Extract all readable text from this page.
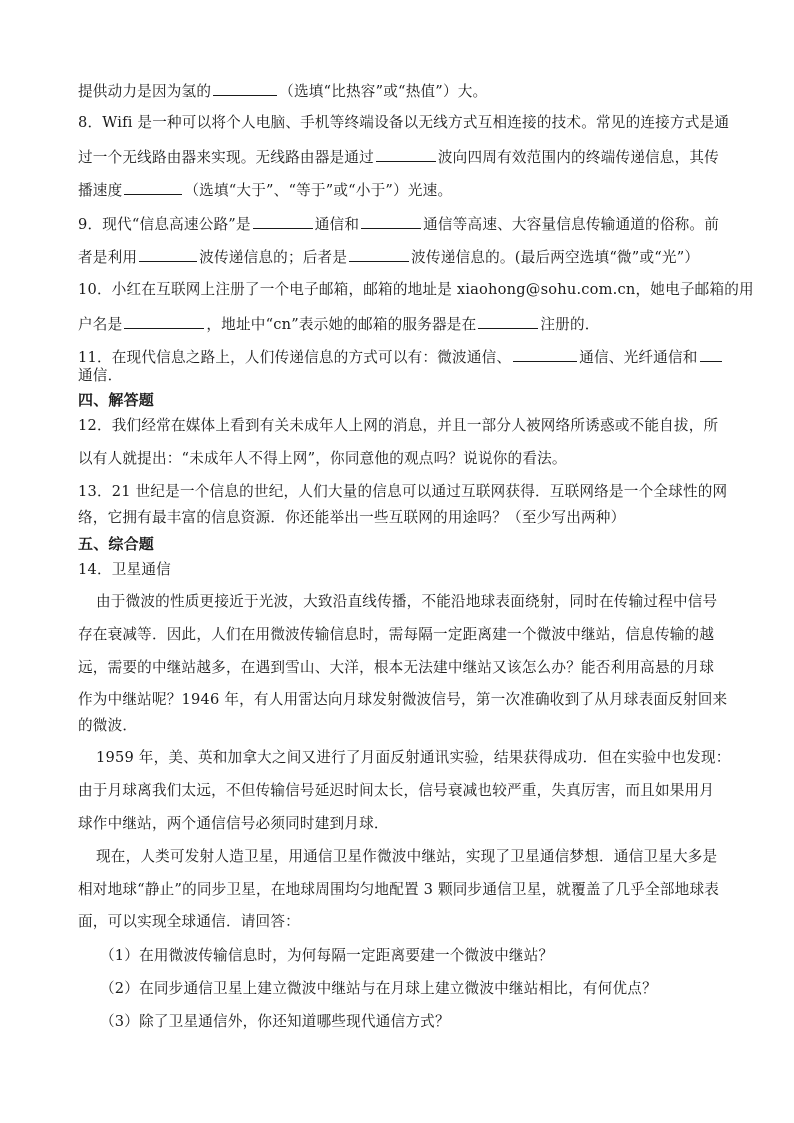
提供动力是因为氢的	（选填“比热容”或“热值”）大。
8．Wifi 是一种可以将个人电脑、手机等终端设备以无线方式互相连接的技术。常见的连接方式是通
过一个无线路由器来实现。无线路由器是通过	波向四周有效范围内的终端传递信息，其传
播速度	（选填“大于”、“等于”或“小于”）光速。
9．现代“信息高速公路”是	通信和	通信等高速、大容量信息传输通道的俗称。前
者是利用	波传递信息的；后者是	波传递信息的。(最后两空选填“微”或“光”）
10．小红在互联网上注册了一个电子邮箱，邮箱的地址是 xiaohong@sohu.com.cn，她电子邮箱的用
户名是	，地址中“cn”表示她的邮箱的服务器是在	注册的．
11．在现代信息之路上，人们传递信息的方式可以有：微波通信、	通信、光纤通信和
通信．
四、解答题
12．我们经常在媒体上看到有关未成年人上网的消息，并且一部分人被网络所诱惑或不能自拔，所
以有人就提出：“未成年人不得上网”，你同意他的观点吗？说说你的看法。
13．21 世纪是一个信息的世纪，人们大量的信息可以通过互联网获得．互联网络是一个全球性的网
络，它拥有最丰富的信息资源．你还能举出一些互联网的用途吗？（至少写出两种）
五、综合题
14．卫星通信
由于微波的性质更接近于光波，大致沿直线传播，不能沿地球表面绕射，同时在传输过程中信号
存在衰减等．因此，人们在用微波传输信息时，需每隔一定距离建一个微波中继站，信息传输的越
远，需要的中继站越多，在遇到雪山、大洋，根本无法建中继站又该怎么办？能否利用高悬的月球
作为中继站呢？1946 年，有人用雷达向月球发射微波信号，第一次准确收到了从月球表面反射回来
的微波．
1959 年，美、英和加拿大之间又进行了月面反射通讯实验，结果获得成功．但在实验中也发现：
由于月球离我们太远，不但传输信号延迟时间太长，信号衰减也较严重，失真厉害，而且如果用月
球作中继站，两个通信信号必须同时建到月球．
现在，人类可发射人造卫星，用通信卫星作微波中继站，实现了卫星通信梦想．通信卫星大多是
相对地球“静止”的同步卫星，在地球周围均匀地配置 3 颗同步通信卫星，就覆盖了几乎全部地球表
面，可以实现全球通信．请回答：
（1）在用微波传输信息时，为何每隔一定距离要建一个微波中继站？
（2）在同步通信卫星上建立微波中继站与在月球上建立微波中继站相比，有何优点？
（3）除了卫星通信外，你还知道哪些现代通信方式？
